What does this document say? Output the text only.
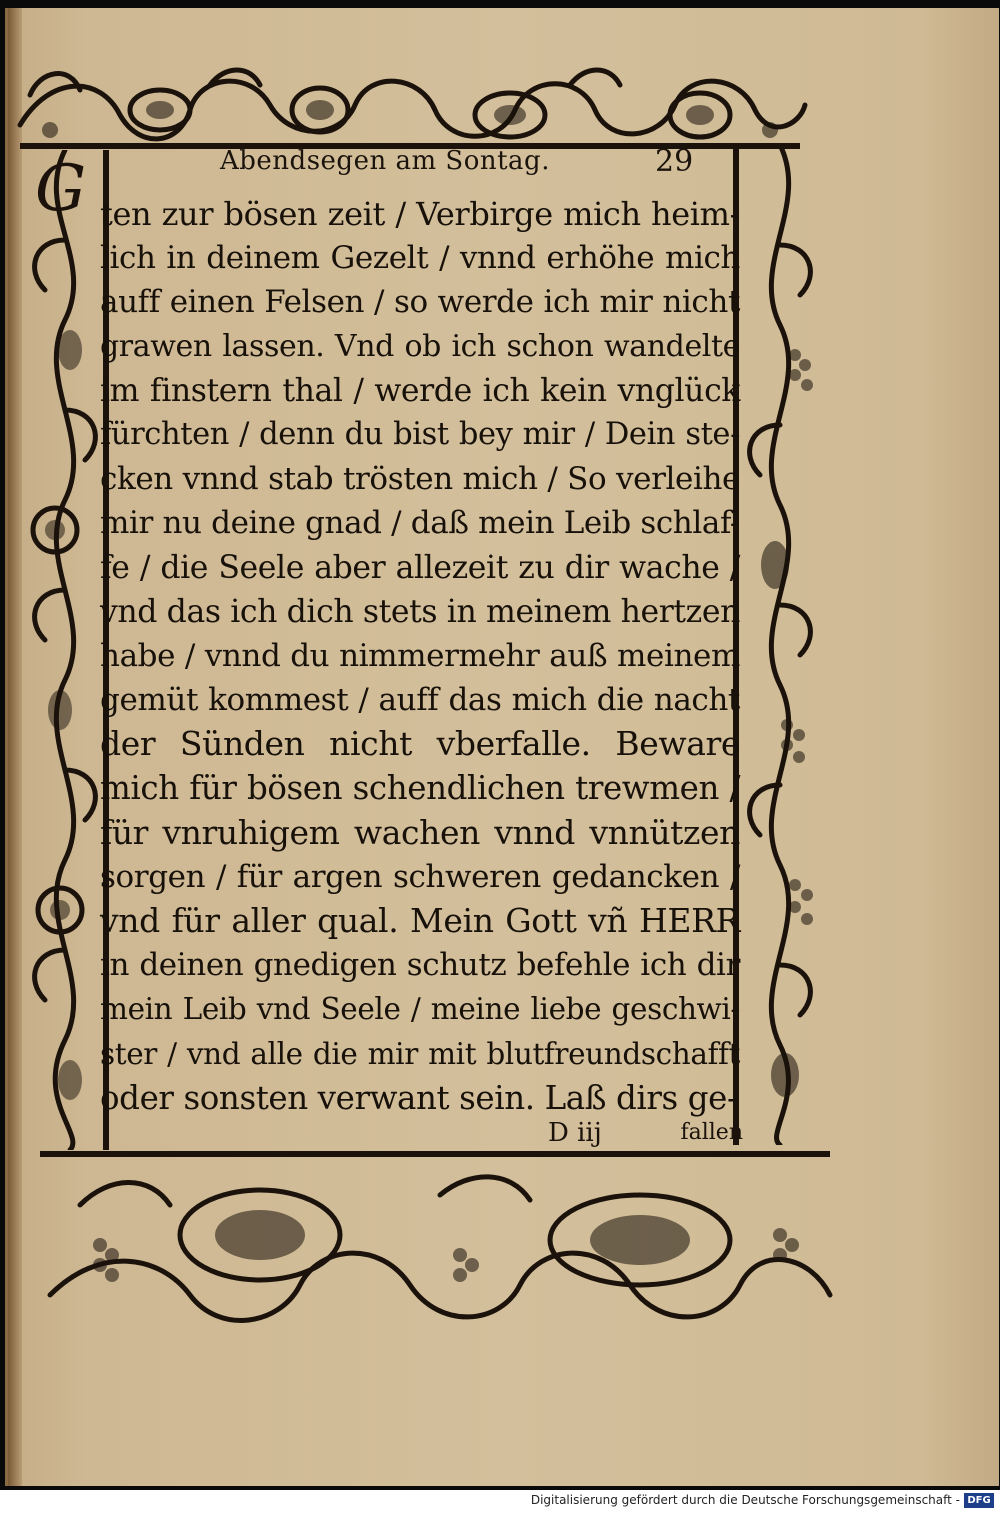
Abendsegen am Sontag.	29
G ten zur bösen zeit / Verbirge mich heim-
lich in deinem Gezelt / vnnd erhöhe mich
auff einen Felsen / so werde ich mir nicht
grawen lassen. Vnd ob ich schon wandelte
im finstern thal / werde ich kein vnglück
fürchten / denn du bist bey mir / Dein ste-
cken vnnd stab trösten mich / So verleihe
mir nu deine gnad / daß mein Leib schlaf-
fe / die Seele aber allezeit zu dir wache /
vnd das ich dich stets in meinem hertzen
habe / vnnd du nimmermehr auß meinem
gemüt kommest / auff das mich die nacht
der Sünden nicht vberfalle. Beware
mich für bösen schendlichen trewmen /
für vnruhigem wachen vnnd vnnützen
sorgen / für argen schweren gedancken /
vnd für aller qual. Mein Gott vñ HERR
in deinen gnedigen schutz befehle ich dir
mein Leib vnd Seele / meine liebe geschwi-
ster / vnd alle die mir mit blutfreundschafft
oder sonsten verwant sein. Laß dirs ge-
D iij	fallen
Digitalisierung gefördert durch die Deutsche Forschungsgemeinschaft - DFG
